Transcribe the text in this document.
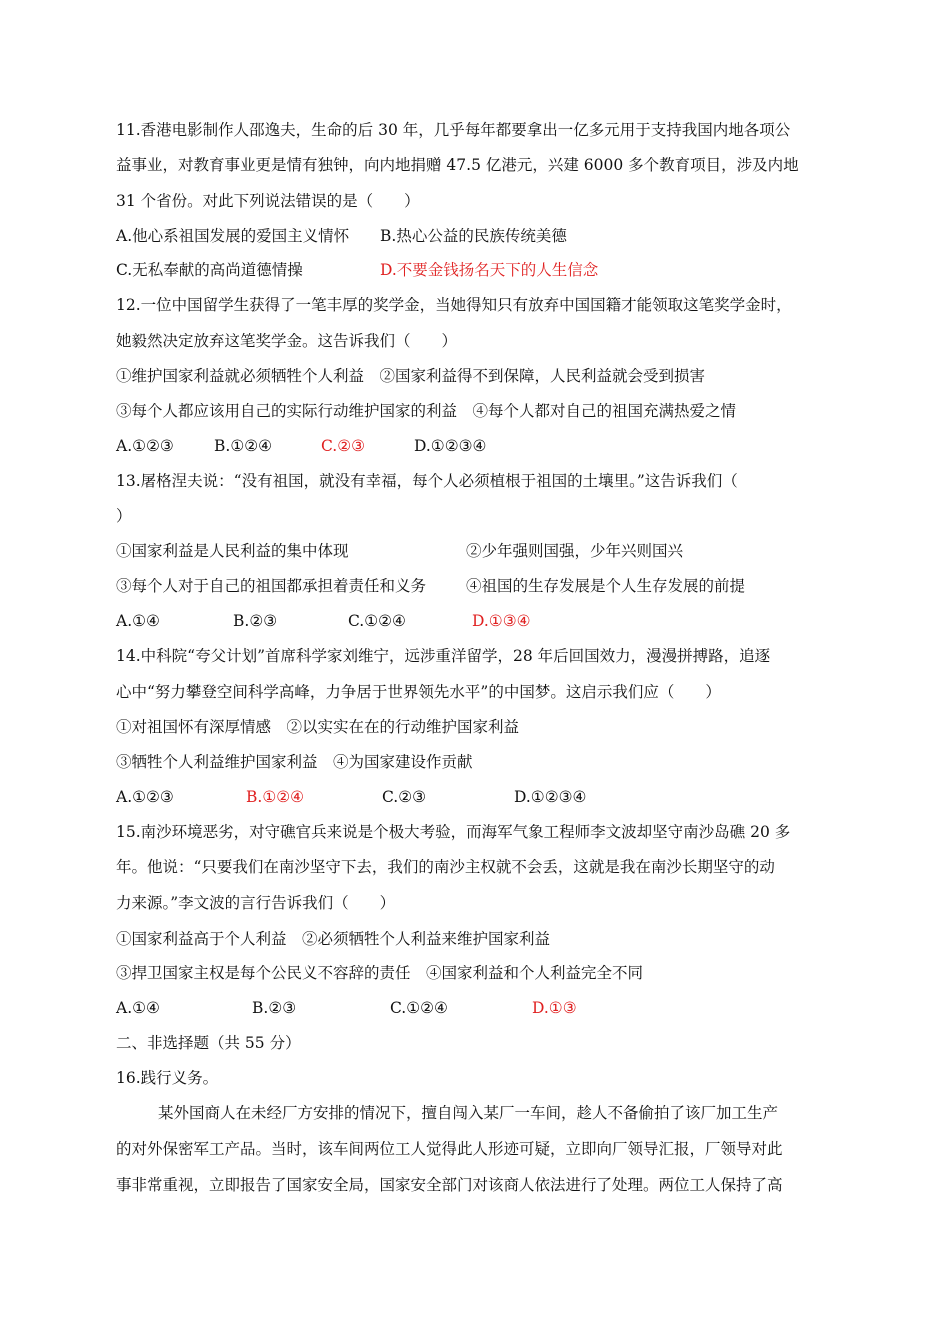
11.香港电影制作人邵逸夫，生命的后 30 年，几乎每年都要拿出一亿多元用于支持我国内地各项公
益事业，对教育事业更是情有独钟，向内地捐赠 47.5 亿港元，兴建 6000 多个教育项目，涉及内地
31 个省份。对此下列说法错误的是（　　）
A.他心系祖国发展的爱国主义情怀 B.热心公益的民族传统美德
C.无私奉献的高尚道德情操	D.不要金钱扬名天下的人生信念
12.一位中国留学生获得了一笔丰厚的奖学金，当她得知只有放弃中国国籍才能领取这笔奖学金时，
她毅然决定放弃这笔奖学金。这告诉我们（　　）
①维护国家利益就必须牺牲个人利益　②国家利益得不到保障，人民利益就会受到损害
③每个人都应该用自己的实际行动维护国家的利益　④每个人都对自己的祖国充满热爱之情
A.①②③	B.①②④	C.②③	D.①②③④
13.屠格涅夫说：“没有祖国，就没有幸福，每个人必须植根于祖国的土壤里。”这告诉我们（
）
①国家利益是人民利益的集中体现	②少年强则国强，少年兴则国兴
③每个人对于自己的祖国都承担着责任和义务	④祖国的生存发展是个人生存发展的前提
A.①④	B.②③	C.①②④	D.①③④
14.中科院“夸父计划”首席科学家刘维宁，远涉重洋留学，28 年后回国效力，漫漫拼搏路，追逐
心中“努力攀登空间科学高峰，力争居于世界领先水平”的中国梦。这启示我们应（　　）
①对祖国怀有深厚情感　②以实实在在的行动维护国家利益
③牺牲个人利益维护国家利益　④为国家建设作贡献
A.①②③	B.①②④	C.②③	D.①②③④
15.南沙环境恶劣，对守礁官兵来说是个极大考验，而海军气象工程师李文波却坚守南沙岛礁 20 多
年。他说：“只要我们在南沙坚守下去，我们的南沙主权就不会丢，这就是我在南沙长期坚守的动
力来源。”李文波的言行告诉我们（　　）
①国家利益高于个人利益　②必须牺牲个人利益来维护国家利益
③捍卫国家主权是每个公民义不容辞的责任　④国家利益和个人利益完全不同
A.①④	B.②③	C.①②④	D.①③
二、非选择题（共 55 分）
16.践行义务。
某外国商人在未经厂方安排的情况下，擅自闯入某厂一车间，趁人不备偷拍了该厂加工生产
的对外保密军工产品。当时，该车间两位工人觉得此人形迹可疑，立即向厂领导汇报，厂领导对此
事非常重视，立即报告了国家安全局，国家安全部门对该商人依法进行了处理。两位工人保持了高
